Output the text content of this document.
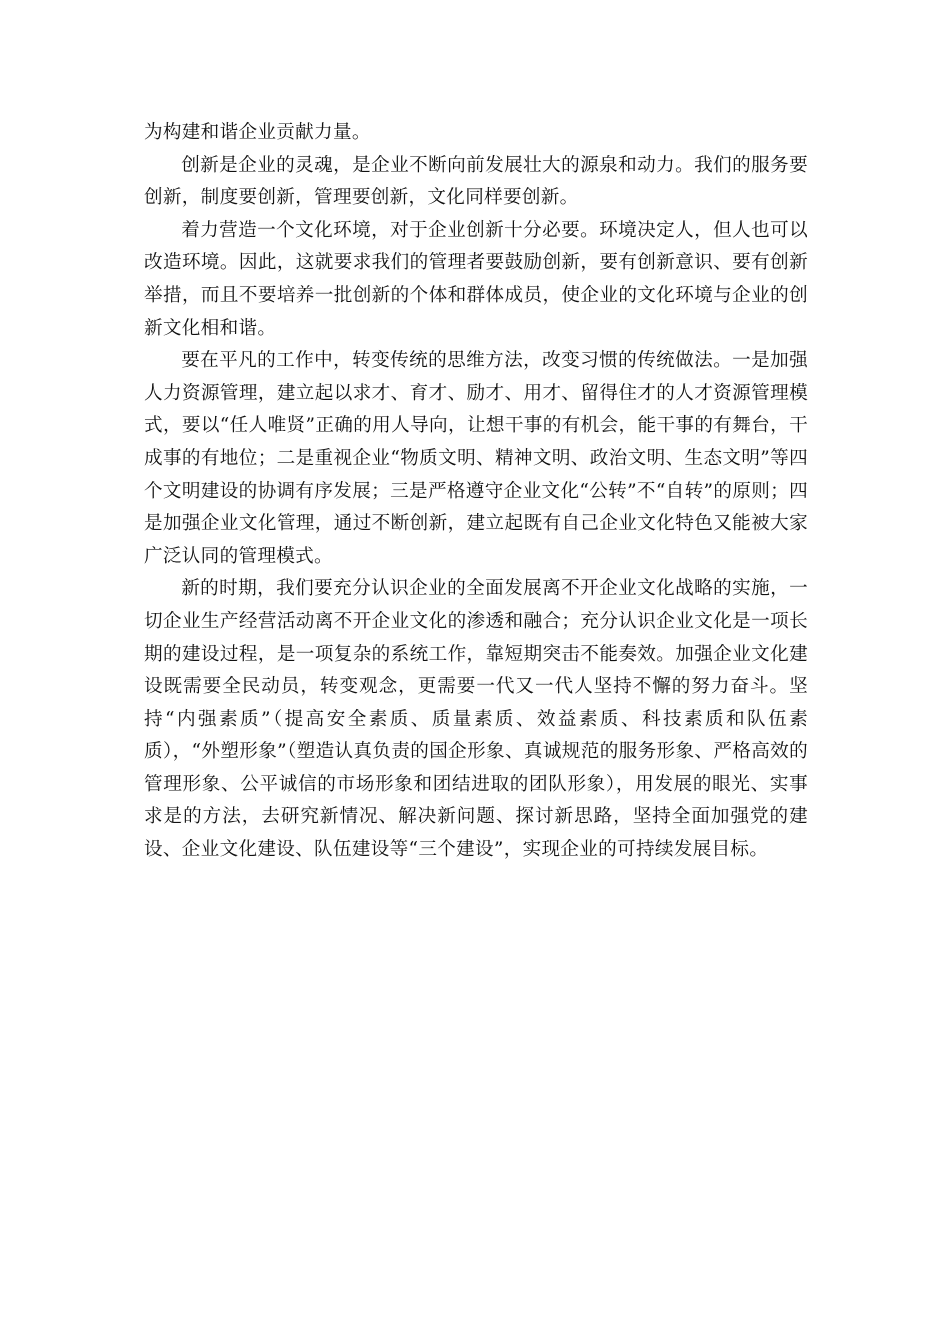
为构建和谐企业贡献力量。

创新是企业的灵魂，是企业不断向前发展壮大的源泉和动力。我们的服务要创新，制度要创新，管理要创新，文化同样要创新。

着力营造一个文化环境，对于企业创新十分必要。环境决定人，但人也可以改造环境。因此，这就要求我们的管理者要鼓励创新，要有创新意识、要有创新举措，而且不要培养一批创新的个体和群体成员，使企业的文化环境与企业的创新文化相和谐。

要在平凡的工作中，转变传统的思维方法，改变习惯的传统做法。一是加强人力资源管理，建立起以求才、育才、励才、用才、留得住才的人才资源管理模式，要以“任人唯贤”正确的用人导向，让想干事的有机会，能干事的有舞台，干成事的有地位；二是重视企业“物质文明、精神文明、政治文明、生态文明”等四个文明建设的协调有序发展；三是严格遵守企业文化“公转”不“自转”的原则；四是加强企业文化管理，通过不断创新，建立起既有自己企业文化特色又能被大家广泛认同的管理模式。

新的时期，我们要充分认识企业的全面发展离不开企业文化战略的实施，一切企业生产经营活动离不开企业文化的渗透和融合；充分认识企业文化是一项长期的建设过程，是一项复杂的系统工作，靠短期突击不能奏效。加强企业文化建设既需要全民动员，转变观念，更需要一代又一代人坚持不懈的努力奋斗。坚持“内强素质”（提高安全素质、质量素质、效益素质、科技素质和队伍素质），“外塑形象”（塑造认真负责的国企形象、真诚规范的服务形象、严格高效的管理形象、公平诚信的市场形象和团结进取的团队形象），用发展的眼光、实事求是的方法，去研究新情况、解决新问题、探讨新思路，坚持全面加强党的建设、企业文化建设、队伍建设等“三个建设”，实现企业的可持续发展目标。
